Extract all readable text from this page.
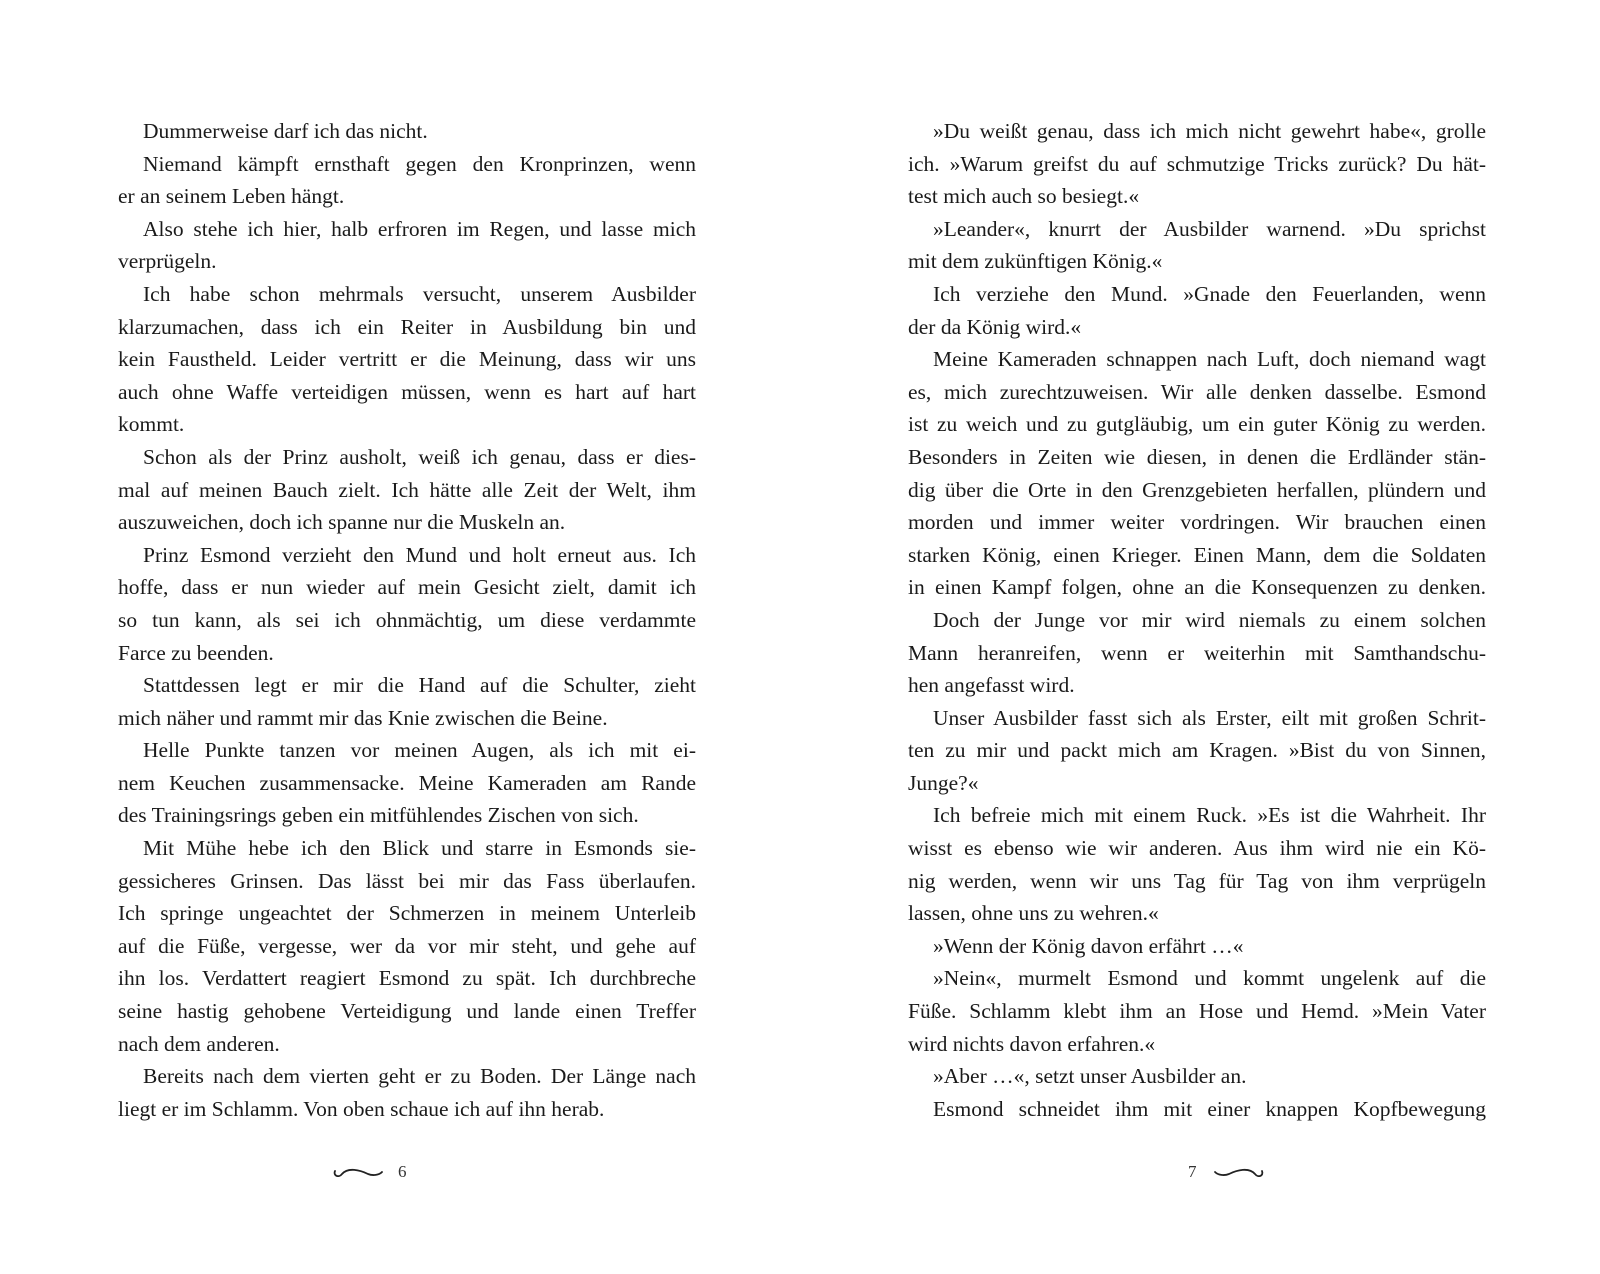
Dummerweise darf ich das nicht.
Niemand kämpft ernsthaft gegen den Kronprinzen, wenn
er an seinem Leben hängt.
Also stehe ich hier, halb erfroren im Regen, und lasse mich
verprügeln.
Ich habe schon mehrmals versucht, unserem Ausbilder
klarzumachen, dass ich ein Reiter in Ausbildung bin und
kein Faustheld. Leider vertritt er die Meinung, dass wir uns
auch ohne Waffe verteidigen müssen, wenn es hart auf hart
kommt.
Schon als der Prinz ausholt, weiß ich genau, dass er dies-
mal auf meinen Bauch zielt. Ich hätte alle Zeit der Welt, ihm
auszuweichen, doch ich spanne nur die Muskeln an.
Prinz Esmond verzieht den Mund und holt erneut aus. Ich
hoffe, dass er nun wieder auf mein Gesicht zielt, damit ich
so tun kann, als sei ich ohnmächtig, um diese verdammte
Farce zu beenden.
Stattdessen legt er mir die Hand auf die Schulter, zieht
mich näher und rammt mir das Knie zwischen die Beine.
Helle Punkte tanzen vor meinen Augen, als ich mit ei-
nem Keuchen zusammensacke. Meine Kameraden am Rande
des Trainingsrings geben ein mitfühlendes Zischen von sich.
Mit Mühe hebe ich den Blick und starre in Esmonds sie-
gessicheres Grinsen. Das lässt bei mir das Fass überlaufen.
Ich springe ungeachtet der Schmerzen in meinem Unterleib
auf die Füße, vergesse, wer da vor mir steht, und gehe auf
ihn los. Verdattert reagiert Esmond zu spät. Ich durchbreche
seine hastig gehobene Verteidigung und lande einen Treffer
nach dem anderen.
Bereits nach dem vierten geht er zu Boden. Der Länge nach
liegt er im Schlamm. Von oben schaue ich auf ihn herab.
»Du weißt genau, dass ich mich nicht gewehrt habe«, grolle
ich. »Warum greifst du auf schmutzige Tricks zurück? Du hät-
test mich auch so besiegt.«
»Leander«, knurrt der Ausbilder warnend. »Du sprichst
mit dem zukünftigen König.«
Ich verziehe den Mund. »Gnade den Feuerlanden, wenn
der da König wird.«
Meine Kameraden schnappen nach Luft, doch niemand wagt
es, mich zurechtzuweisen. Wir alle denken dasselbe. Esmond
ist zu weich und zu gutgläubig, um ein guter König zu werden.
Besonders in Zeiten wie diesen, in denen die Erdländer stän-
dig über die Orte in den Grenzgebieten herfallen, plündern und
morden und immer weiter vordringen. Wir brauchen einen
starken König, einen Krieger. Einen Mann, dem die Soldaten
in einen Kampf folgen, ohne an die Konsequenzen zu denken.
Doch der Junge vor mir wird niemals zu einem solchen
Mann heranreifen, wenn er weiterhin mit Samthandschu-
hen angefasst wird.
Unser Ausbilder fasst sich als Erster, eilt mit großen Schrit-
ten zu mir und packt mich am Kragen. »Bist du von Sinnen,
Junge?«
Ich befreie mich mit einem Ruck. »Es ist die Wahrheit. Ihr
wisst es ebenso wie wir anderen. Aus ihm wird nie ein Kö-
nig werden, wenn wir uns Tag für Tag von ihm verprügeln
lassen, ohne uns zu wehren.«
»Wenn der König davon erfährt …«
»Nein«, murmelt Esmond und kommt ungelenk auf die
Füße. Schlamm klebt ihm an Hose und Hemd. »Mein Vater
wird nichts davon erfahren.«
»Aber …«, setzt unser Ausbilder an.
Esmond schneidet ihm mit einer knappen Kopfbewegung
6	7
